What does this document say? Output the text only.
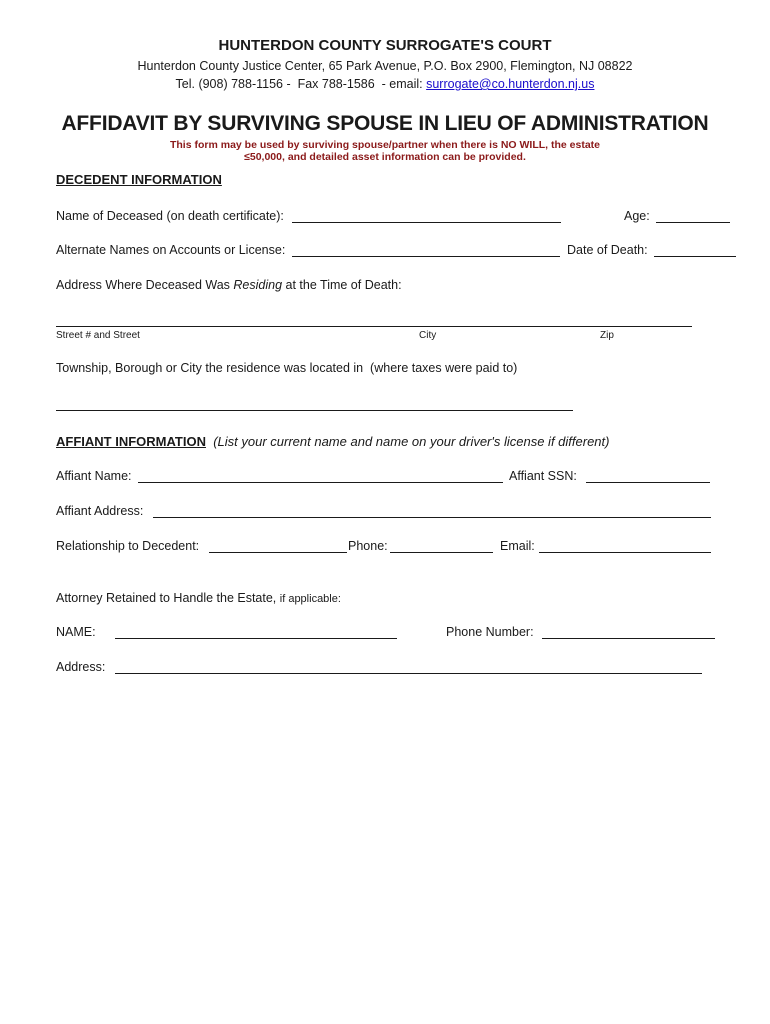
HUNTERDON COUNTY SURROGATE'S COURT
Hunterdon County Justice Center, 65 Park Avenue, P.O. Box 2900, Flemington, NJ 08822
Tel. (908) 788-1156 -  Fax 788-1586  - email: surrogate@co.hunterdon.nj.us
AFFIDAVIT BY SURVIVING SPOUSE IN LIEU OF ADMINISTRATION
This form may be used by surviving spouse/partner when there is NO WILL, the estate
≤50,000, and detailed asset information can be provided.
DECEDENT INFORMATION
Name of Deceased (on death certificate):	Age:
Alternate Names on Accounts or License:	Date of Death:
Address Where Deceased Was Residing at the Time of Death:
Street # and Street	City	Zip
Township, Borough or City the residence was located in  (where taxes were paid to)
AFFIANT INFORMATION (List your current name and name on your driver's license if different)
Affiant Name:	Affiant SSN:
Affiant Address:
Relationship to Decedent:	Phone:	Email:
Attorney Retained to Handle the Estate, if applicable:
NAME:	Phone Number:
Address:
